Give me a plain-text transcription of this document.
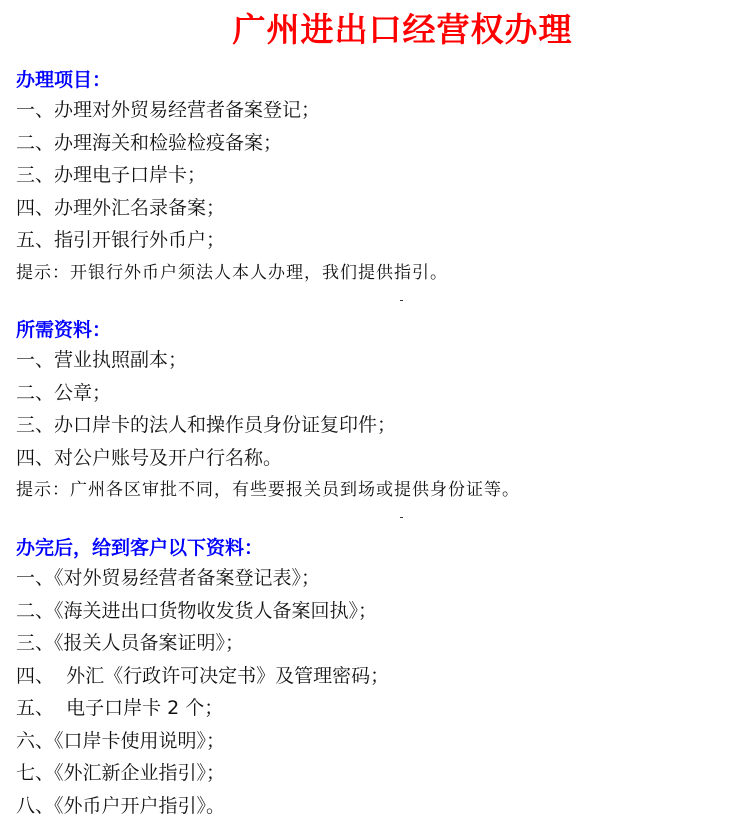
广州进出口经营权办理
办理项目：
一、办理对外贸易经营者备案登记；
二、办理海关和检验检疫备案；
三、办理电子口岸卡；
四、办理外汇名录备案；
五、指引开银行外币户；
提示：开银行外币户须法人本人办理，我们提供指引。
所需资料：
一、营业执照副本；
二、公章；
三、办口岸卡的法人和操作员身份证复印件；
四、对公户账号及开户行名称。
提示：广州各区审批不同，有些要报关员到场或提供身份证等。
办完后，给到客户以下资料：
一、《对外贸易经营者备案登记表》；
二、《海关进出口货物收发货人备案回执》；
三、《报关人员备案证明》；
四、  外汇《行政许可决定书》及管理密码；
五、  电子口岸卡 2 个；
六、《口岸卡使用说明》；
七、《外汇新企业指引》；
八、《外币户开户指引》。
